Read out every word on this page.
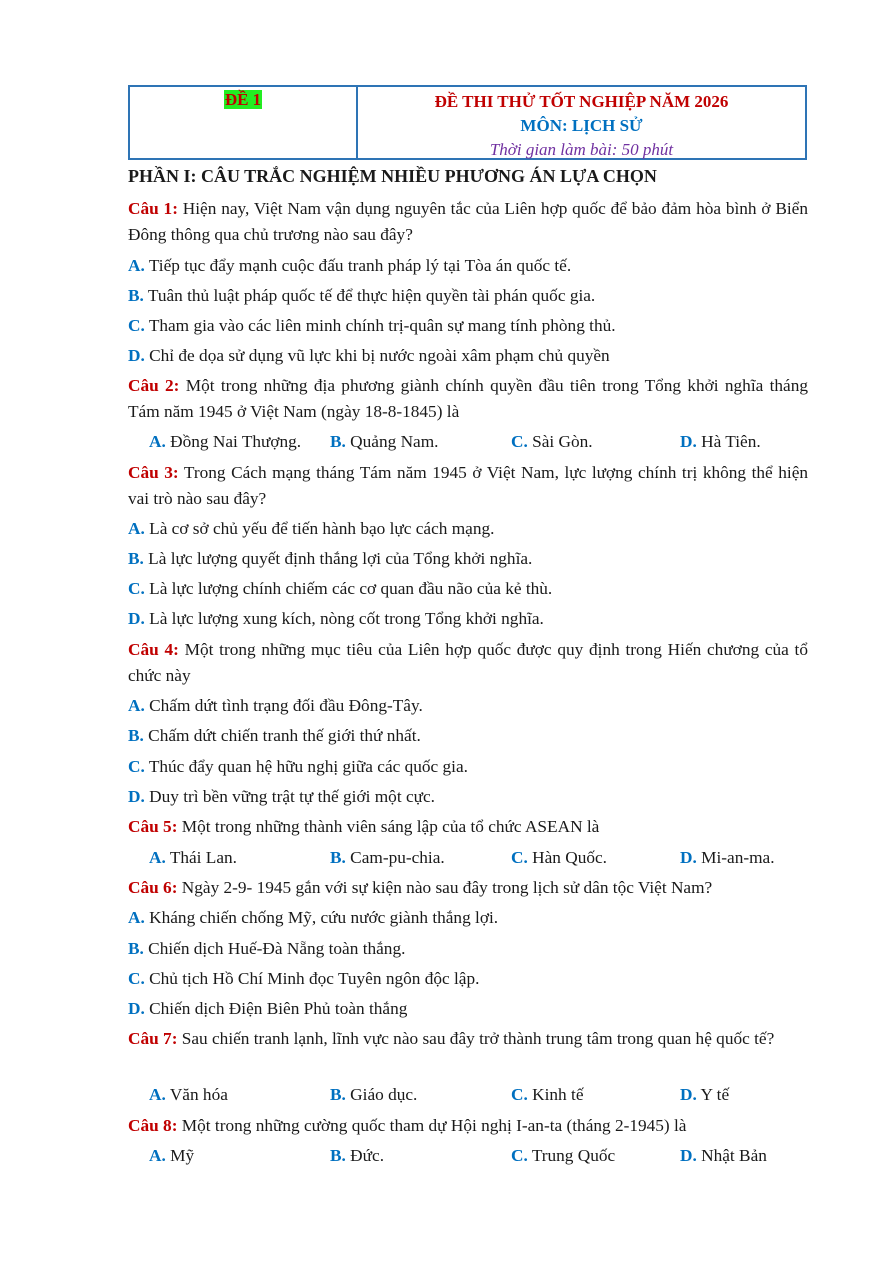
ĐỀ 1	ĐỀ THI THỬ TỐT NGHIỆP NĂM 2026
MÔN: LỊCH SỬ
Thời gian làm bài: 50 phút
PHẦN I: CÂU TRẮC NGHIỆM NHIỀU PHƯƠNG ÁN LỰA CHỌN

Câu 1: Hiện nay, Việt Nam vận dụng nguyên tắc của Liên hợp quốc để bảo đảm hòa bình ở Biển Đông thông qua chủ trương nào sau đây?

A. Tiếp tục đẩy mạnh cuộc đấu tranh pháp lý tại Tòa án quốc tế.

B. Tuân thủ luật pháp quốc tế để thực hiện quyền tài phán quốc gia.

C. Tham gia vào các liên minh chính trị-quân sự mang tính phòng thủ.

D. Chỉ đe dọa sử dụng vũ lực khi bị nước ngoài xâm phạm chủ quyền

Câu 2: Một trong những địa phương giành chính quyền đầu tiên trong Tổng khởi nghĩa tháng Tám năm 1945 ở Việt Nam (ngày 18-8-1845) là

A. Đồng Nai Thượng. B. Quảng Nam.	C. Sài Gòn.	D. Hà Tiên.

Câu 3: Trong Cách mạng tháng Tám năm 1945 ở Việt Nam, lực lượng chính trị không thể hiện vai trò nào sau đây?

A. Là cơ sở chủ yếu để tiến hành bạo lực cách mạng.

B. Là lực lượng quyết định thắng lợi của Tổng khởi nghĩa.

C. Là lực lượng chính chiếm các cơ quan đầu não của kẻ thù.

D. Là lực lượng xung kích, nòng cốt trong Tổng khởi nghĩa.

Câu 4: Một trong những mục tiêu của Liên hợp quốc được quy định trong Hiến chương của tổ chức này

A. Chấm dứt tình trạng đối đầu Đông-Tây.

B. Chấm dứt chiến tranh thế giới thứ nhất.

C. Thúc đẩy quan hệ hữu nghị giữa các quốc gia.

D. Duy trì bền vững trật tự thế giới một cực.

Câu 5: Một trong những thành viên sáng lập của tổ chức ASEAN là

A. Thái Lan.	B. Cam-pu-chia.	C. Hàn Quốc.	D. Mi-an-ma.

Câu 6: Ngày 2-9- 1945 gắn với sự kiện nào sau đây trong lịch sử dân tộc Việt Nam?

A. Kháng chiến chống Mỹ, cứu nước giành thắng lợi.

B. Chiến dịch Huế-Đà Nẵng toàn thắng.

C. Chủ tịch Hồ Chí Minh đọc Tuyên ngôn độc lập.

D. Chiến dịch Điện Biên Phủ toàn thắng

Câu 7: Sau chiến tranh lạnh, lĩnh vực nào sau đây trở thành trung tâm trong quan hệ quốc tế?

A. Văn hóa	B. Giáo dục.	C. Kinh tế	D. Y tế

Câu 8: Một trong những cường quốc tham dự Hội nghị I-an-ta (tháng 2-1945) là

A. Mỹ	B. Đức.	C. Trung Quốc	D. Nhật Bản
